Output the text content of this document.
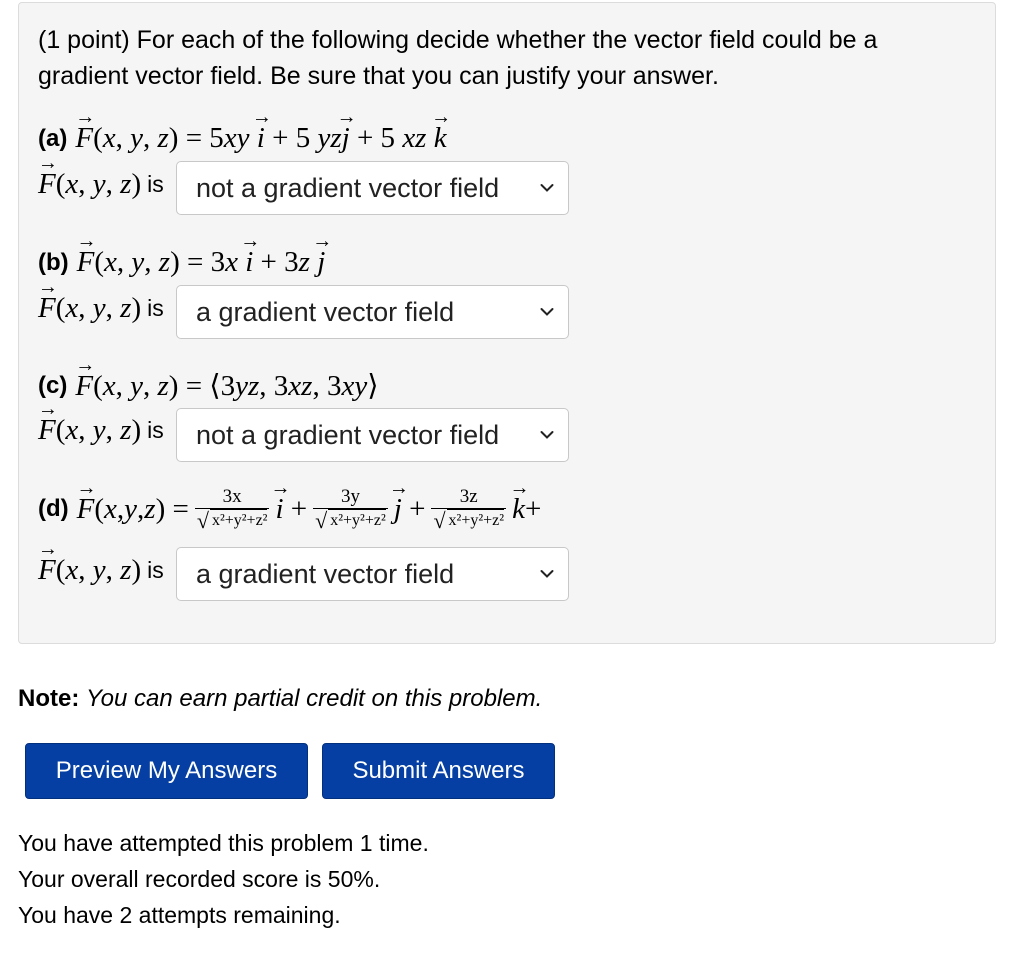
(1 point) For each of the following decide whether the vector field could be a gradient vector field. Be sure that you can justify your answer.
(a) F →(x, y, z) = 5xy i → + 5 yzj → + 5 xz k →
F →(x, y, z) is not a gradient vector field
(b) F →(x, y, z) = 3x i → + 3z j →
F →(x, y, z) is a gradient vector field
(c) F →(x, y, z) = ⟨3yz, 3xz, 3xy⟩
F →(x, y, z) is not a gradient vector field
(d) F → ( x , y , z ) = $\frac{3x}{\text{√ x²+y²+z²}}$ i → + $\frac{3y}{\text{√ x²+y²+z²}}$ j → + $\frac{3z}{\text{√ x²+y²+z²}}$ k → +
F →(x, y, z) is a gradient vector field
Note: You can earn partial credit on this problem.
Preview My Answers	Submit Answers
You have attempted this problem 1 time.
Your overall recorded score is 50%.
You have 2 attempts remaining.
